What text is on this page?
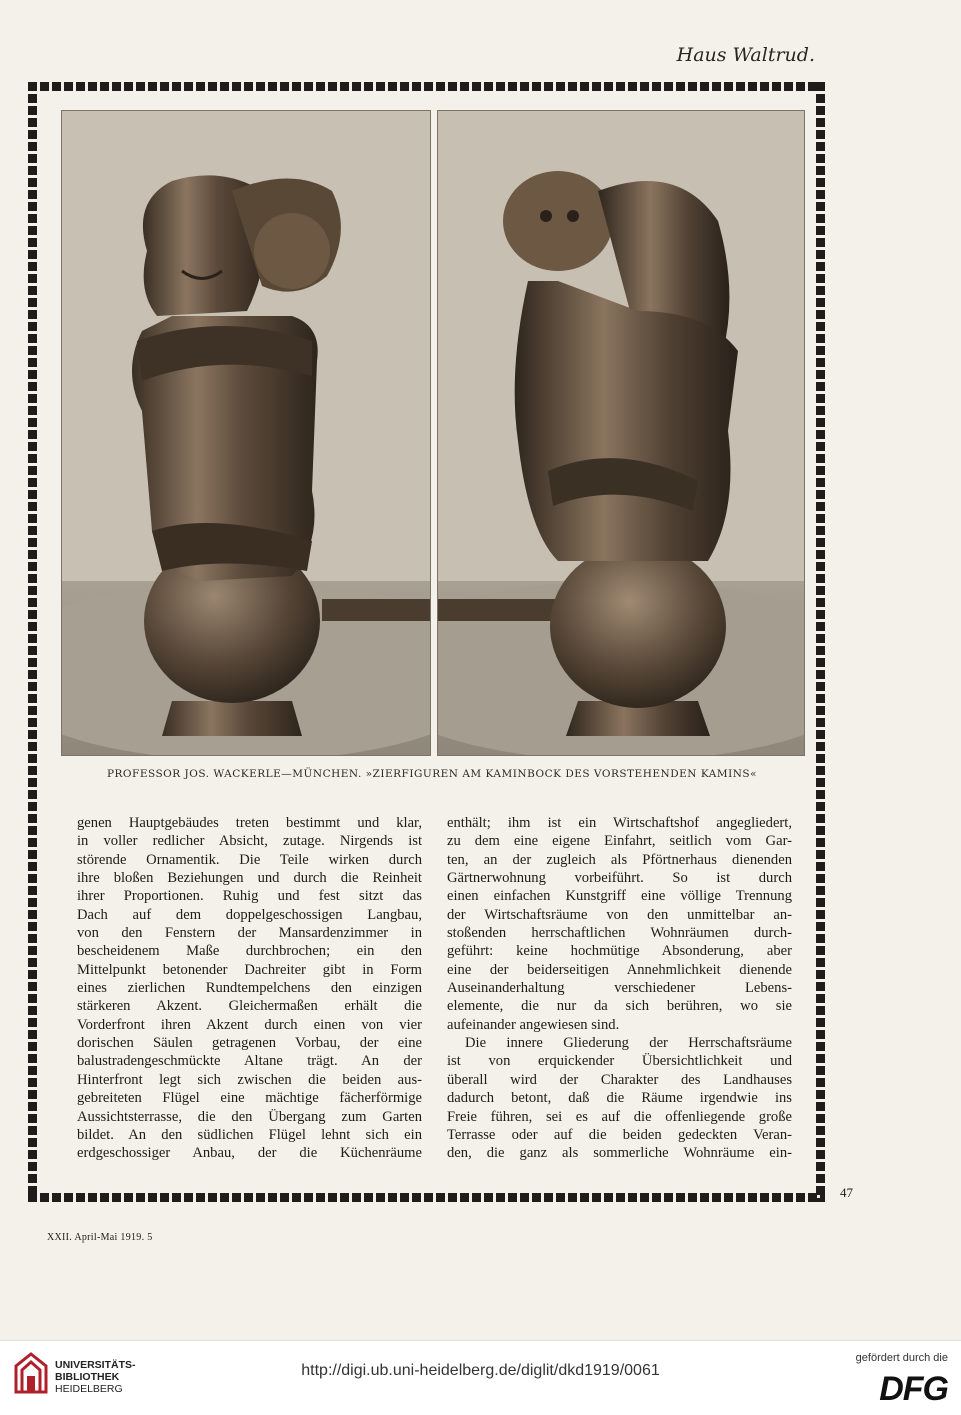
Haus Waltrud.
PROFESSOR JOS. WACKERLE—MÜNCHEN. »ZIERFIGUREN AM KAMINBOCK DES VORSTEHENDEN KAMINS«

genen Hauptgebäudes treten bestimmt und klar,
in voller redlicher Absicht, zutage. Nirgends ist
störende Ornamentik. Die Teile wirken durch
ihre bloßen Beziehungen und durch die Reinheit
ihrer Proportionen. Ruhig und fest sitzt das
Dach auf dem doppelgeschossigen Langbau,
von den Fenstern der Mansardenzimmer in
bescheidenem Maße durchbrochen; ein den
Mittelpunkt betonender Dachreiter gibt in Form
eines zierlichen Rundtempelchens den einzigen
stärkeren Akzent. Gleichermaßen erhält die
Vorderfront ihren Akzent durch einen von vier
dorischen Säulen getragenen Vorbau, der eine
balustradengeschmückte Altane trägt. An der
Hinterfront legt sich zwischen die beiden aus-
gebreiteten Flügel eine mächtige fächerförmige
Aussichtsterrasse, die den Übergang zum Garten
bildet. An den südlichen Flügel lehnt sich ein
erdgeschossiger Anbau, der die Küchenräume

enthält; ihm ist ein Wirtschaftshof angegliedert,
zu dem eine eigene Einfahrt, seitlich vom Gar-
ten, an der zugleich als Pförtnerhaus dienenden
Gärtnerwohnung vorbeiführt. So ist durch
einen einfachen Kunstgriff eine völlige Trennung
der Wirtschaftsräume von den unmittelbar an-
stoßenden herrschaftlichen Wohnräumen durch-
geführt: keine hochmütige Absonderung, aber
eine der beiderseitigen Annehmlichkeit dienende
Auseinanderhaltung verschiedener Lebens-
elemente, die nur da sich berühren, wo sie
aufeinander angewiesen sind.

Die innere Gliederung der Herrschaftsräume
ist von erquickender Übersichtlichkeit und
überall wird der Charakter des Landhauses
dadurch betont, daß die Räume irgendwie ins
Freie führen, sei es auf die offenliegende große
Terrasse oder auf die beiden gedeckten Veran-
den, die ganz als sommerliche Wohnräume ein-

47
XXII. April-Mai 1919. 5
UNIVERSITÄTS-
BIBLIOTHEK
HEIDELBERG
http://digi.ub.uni-heidelberg.de/diglit/dkd1919/0061
gefördert durch die
DFG
